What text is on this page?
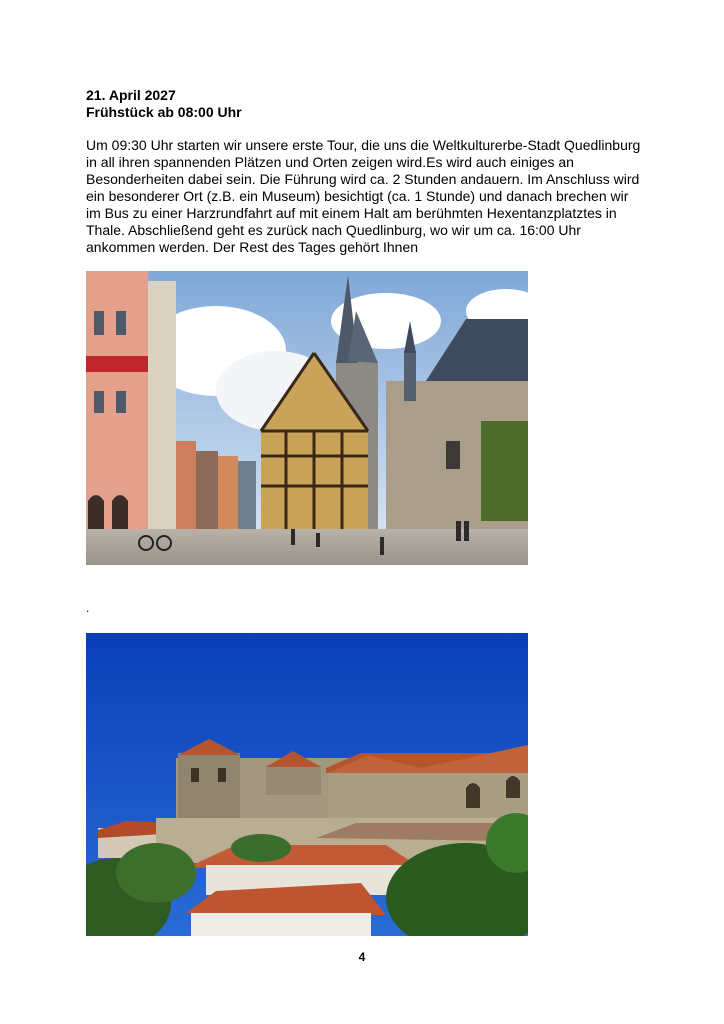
21. April 2027

Frühstück ab 08:00 Uhr

Um 09:30 Uhr starten wir unsere erste Tour, die uns die Weltkulturerbe-Stadt Quedlinburg in all ihren spannenden Plätzen und Orten zeigen wird.Es wird auch einiges an Besonderheiten dabei sein. Die Führung wird ca. 2 Stunden andauern. Im Anschluss wird ein besonderer Ort (z.B. ein Museum) besichtigt (ca. 1 Stunde) und danach brechen wir im Bus zu einer Harzrundfahrt auf mit einem Halt am berühmten Hexentanzplatztes in Thale. Abschließend geht es zurück nach Quedlinburg, wo wir um ca. 16:00 Uhr ankommen werden. Der Rest des Tages gehört Ihnen

.
4
